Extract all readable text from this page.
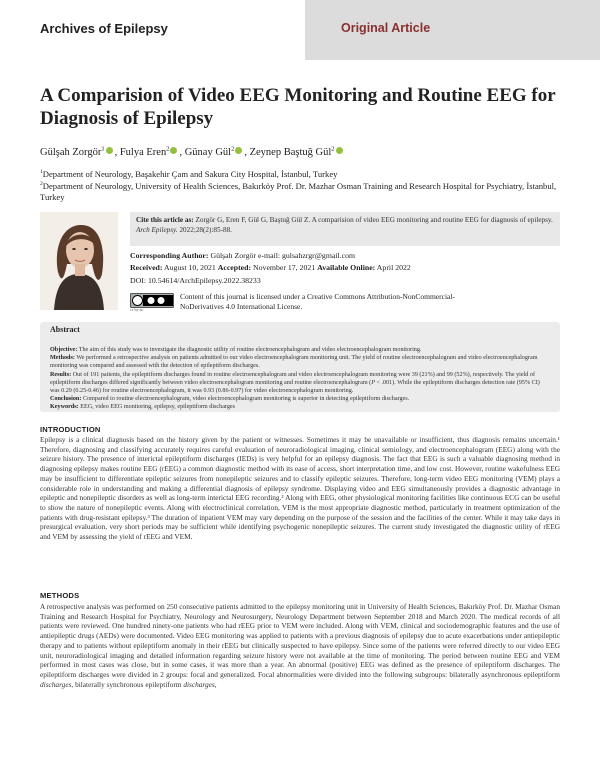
Archives of Epilepsy	Original Article
A Comparision of Video EEG Monitoring and Routine EEG for Diagnosis of Epilepsy
Gülşah Zorgör$^1$ , Fulya Eren$^2$ , Günay Gül$^2$ , Zeynep Baştuğ Gül$^2$
$^1$Department of Neurology, Başakehir Çam and Sakura City Hospital, İstanbul, Turkey
$^2$Department of Neurology, University of Health Sciences, Bakırköy Prof. Dr. Mazhar Osman Training and Research Hospital for Psychiatry, İstanbul, Turkey
Cite this article as: Zorgör G, Eren F, Gül G, Baştuğ Gül Z. A comparision of video EEG monitoring and routine EEG for diagnosis of epilepsy. Arch Epilepsy. 2022;28(2):85-88.
Corresponding Author: Gülşah Zorgör e-mail: gulsahzrgr@gmail.com
Received: August 10, 2021 Accepted: November 17, 2021 Available Online: April 2022
DOI: 10.54614/ArchEpilepsy.2022.38233
cc by nc
Content of this journal is licensed under a Creative Commons Attribution-NonCommercial-NoDerivatives 4.0 International License.
Abstract

Objective: The aim of this study was to investigate the diagnostic utility of routine electroencephalogram and video electroencephalogram monitoring.
Methods: We performed a retrospective analysis on patients admitted to our video electroencephalogram monitoring unit. The yield of routine electroencephalogram and video electroencephalogram monitoring was compared and assessed with the detection of epileptiform discharges.
Results: Out of 191 patients, the epileptiform discharges found in routine electroencephalogram and video electroencephalogram monitoring were 39 (21%) and 99 (52%), respectively. The yield of epileptiform discharges differed significantly between video electroencephalogram monitoring and routine electroencephalogram (P < .001). While the epileptiform discharges detection rate (95% CI) was 0.29 (0.25-0.46) for routine electroencephalogram, it was 0.93 (0.86-0.97) for video electroencephalogram monitoring.
Conclusion: Compared to routine electroencephalogram, video electroencephalogram monitoring is superior in detecting epileptiform discharges.
Keywords: EEG, video EEG monitoring, epilepsy, epileptiform discharges

INTRODUCTION
Epilepsy is a clinical diagnosis based on the history given by the patient or witnesses. Sometimes it may be unavailable or insufficient, thus diagnosis remains uncertain.¹ Therefore, diagnosing and classifying accurately requires careful evaluation of neuroradiological imaging, clinical semiology, and electroencephalogram (EEG) along with the seizure history. The presence of interictal epileptiform discharges (IEDs) is very helpful for an epilepsy diagnosis. The fact that EEG is such a valuable diagnosing method in diagnosing epilepsy makes routine EEG (rEEG) a common diagnostic method with its ease of access, short interpretation time, and low cost. However, routine wakefulness EEG may be insufficient to differentiate epileptic seizures from nonepileptic seizures and to classify epileptic seizures. Therefore, long-term video EEG monitoring (VEM) plays a considerable role in understanding and making a differential diagnosis of epilepsy syndrome. Displaying video and EEG simultaneously provides a diagnostic advantage in epileptic and nonepileptic disorders as well as long-term interictal EEG recording.² Along with EEG, other physiological monitoring facilities like continuous ECG can be useful to show the nature of nonepileptic events. Along with electroclinical correlation, VEM is the most appropriate diagnostic method, particularly in treatment optimization of the patients with drug-resistant epilepsy.³ The duration of inpatient VEM may vary depending on the purpose of the session and the facilities of the center. While it may take days in presurgical evaluation, very short periods may be sufficient while identifying psychogenic nonepileptic seizures. The current study investigated the diagnostic utility of rEEG and VEM by assessing the yield of rEEG and VEM.
METHODS
A retrospective analysis was performed on 250 consecutive patients admitted to the epilepsy monitoring unit in University of Health Sciences, Bakırköy Prof. Dr. Mazhar Osman Training and Research Hospital for Psychiatry, Neurology and Neurosurgery, Neurology Department between September 2018 and March 2020. The medical records of all patients were reviewed. One hundred ninety-one patients who had rEEG prior to VEM were included. Along with VEM, clinical and sociodemographic features and the use of antiepileptic drugs (AEDs) were documented. Video EEG monitoring was applied to patients with a previous diagnosis of epilepsy due to acute exacerbations under antiepileptic therapy and to patients without epileptiform anomaly in their rEEG but clinically suspected to have epilepsy. Since some of the patients were referred directly to our video EEG unit, neuroradiological imaging and detailed information regarding seizure history were not available at the time of monitoring. The period between routine EEG and VEM performed in most cases was close, but in some cases, it was more than a year. An abnormal (positive) EEG was defined as the presence of epileptiform discharges. The epileptiform discharges were divided in 2 groups: focal and generalized. Focal abnormalities were divided into the following subgroups: bilaterally asynchronous epileptiform discharges, bilaterally synchronous epileptiform discharges,
